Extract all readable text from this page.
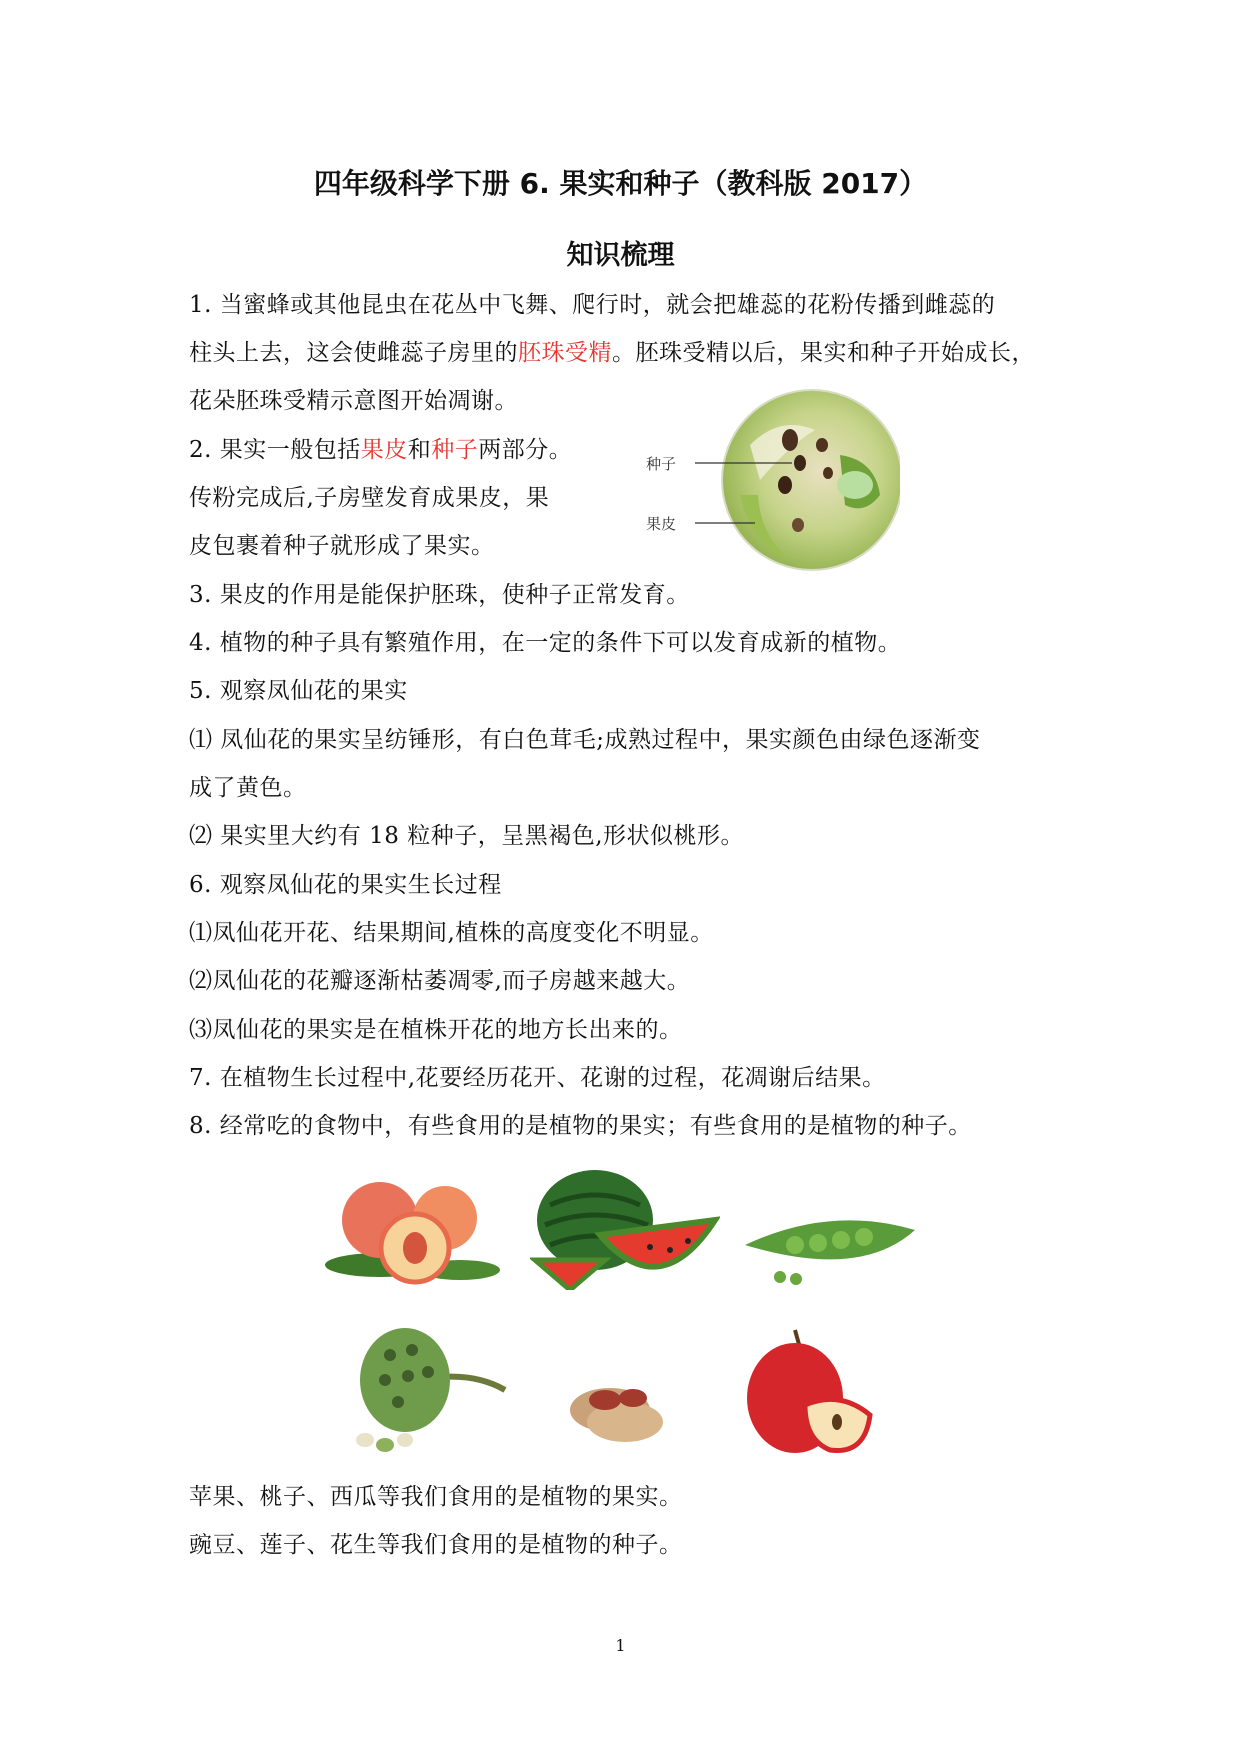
四年级科学下册 6. 果实和种子（教科版 2017）
知识梳理
1. 当蜜蜂或其他昆虫在花丛中飞舞、爬行时，就会把雄蕊的花粉传播到雌蕊的
柱头上去，这会使雌蕊子房里的胚珠受精。胚珠受精以后，果实和种子开始成长，
花朵胚珠受精示意图开始凋谢。
2. 果实一般包括果皮和种子两部分。
传粉完成后,子房壁发育成果皮，果
皮包裹着种子就形成了果实。
种子
果皮
3. 果皮的作用是能保护胚珠，使种子正常发育。
4. 植物的种子具有繁殖作用，在一定的条件下可以发育成新的植物。
5. 观察凤仙花的果实
⑴ 凤仙花的果实呈纺锤形，有白色茸毛;成熟过程中，果实颜色由绿色逐渐变
成了黄色。
⑵ 果实里大约有 18 粒种子，呈黑褐色,形状似桃形。
6. 观察凤仙花的果实生长过程
⑴凤仙花开花、结果期间,植株的高度变化不明显。
⑵凤仙花的花瓣逐渐枯萎凋零,而子房越来越大。
⑶凤仙花的果实是在植株开花的地方长出来的。
7. 在植物生长过程中,花要经历花开、花谢的过程，花凋谢后结果。
8. 经常吃的食物中，有些食用的是植物的果实；有些食用的是植物的种子。
苹果、桃子、西瓜等我们食用的是植物的果实。
豌豆、莲子、花生等我们食用的是植物的种子。
1
